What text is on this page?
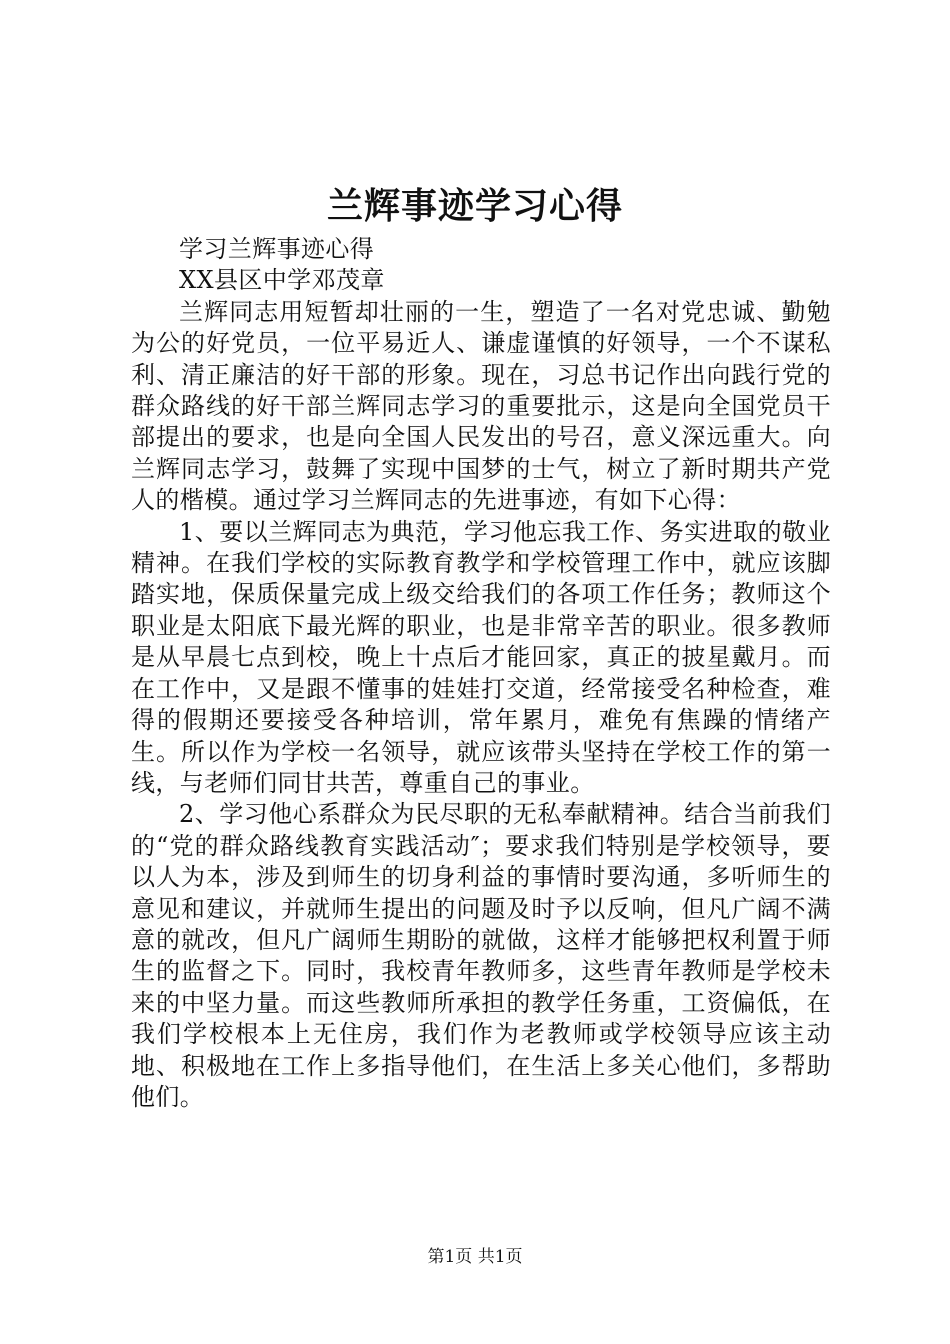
兰辉事迹学习心得

学习兰辉事迹心得

XX县区中学邓茂章

兰辉同志用短暂却壮丽的一生，塑造了一名对党忠诚、勤勉为公的好党员，一位平易近人、谦虚谨慎的好领导，一个不谋私利、清正廉洁的好干部的形象。现在，习总书记作出向践行党的群众路线的好干部兰辉同志学习的重要批示，这是向全国党员干部提出的要求，也是向全国人民发出的号召，意义深远重大。向兰辉同志学习，鼓舞了实现中国梦的士气，树立了新时期共产党人的楷模。通过学习兰辉同志的先进事迹，有如下心得：

1、要以兰辉同志为典范，学习他忘我工作、务实进取的敬业精神。在我们学校的实际教育教学和学校管理工作中，就应该脚踏实地，保质保量完成上级交给我们的各项工作任务；教师这个职业是太阳底下最光辉的职业，也是非常辛苦的职业。很多教师是从早晨七点到校，晚上十点后才能回家，真正的披星戴月。而在工作中，又是跟不懂事的娃娃打交道，经常接受名种检查，难得的假期还要接受各种培训，常年累月，难免有焦躁的情绪产生。所以作为学校一名领导，就应该带头坚持在学校工作的第一线，与老师们同甘共苦，尊重自己的事业。

2、学习他心系群众为民尽职的无私奉献精神。结合当前我们的“党的群众路线教育实践活动″；要求我们特别是学校领导，要以人为本，涉及到师生的切身利益的事情时要沟通，多听师生的意见和建议，并就师生提出的问题及时予以反响，但凡广阔不满意的就改，但凡广阔师生期盼的就做，这样才能够把权利置于师生的监督之下。同时，我校青年教师多，这些青年教师是学校未来的中坚力量。而这些教师所承担的教学任务重，工资偏低，在我们学校根本上无住房，我们作为老教师或学校领导应该主动地、积极地在工作上多指导他们，在生活上多关心他们，多帮助他们。

第1页 共1页
